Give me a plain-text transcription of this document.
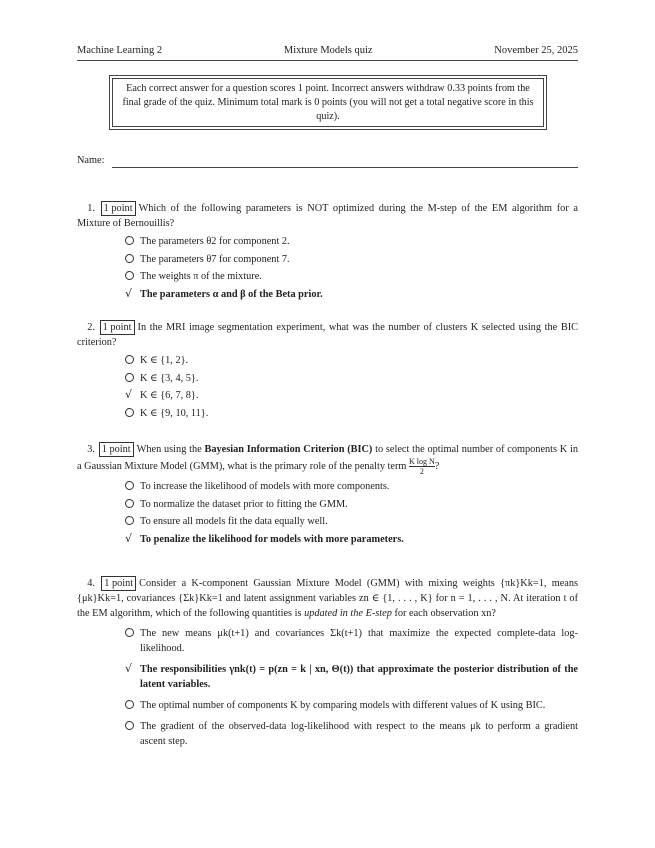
Machine Learning 2	Mixture Models quiz	November 25, 2025
Each correct answer for a question scores 1 point. Incorrect answers withdraw 0.33 points from the final grade of the quiz. Minimum total mark is 0 points (you will not get a total negative score in this quiz).
Name:
1. 1 point Which of the following parameters is NOT optimized during the M-step of the EM algorithm for a Mixture of Bernouillis?
The parameters θ2 for component 2.
The parameters θ7 for component 7.
The weights π of the mixture.
√ The parameters α and β of the Beta prior.
2. 1 point In the MRI image segmentation experiment, what was the number of clusters K selected using the BIC criterion?
K ∈ {1, 2}.
K ∈ {3, 4, 5}.
√ K ∈ {6, 7, 8}.
K ∈ {9, 10, 11}.
3. 1 point When using the Bayesian Information Criterion (BIC) to select the optimal number of components K in a Gaussian Mixture Model (GMM), what is the primary role of the penalty term $\frac{\text{K log N}}{2}$ ?
To increase the likelihood of models with more components.
To normalize the dataset prior to fitting the GMM.
To ensure all models fit the data equally well.
√ To penalize the likelihood for models with more parameters.
4. 1 point Consider a K-component Gaussian Mixture Model (GMM) with mixing weights {πk}Kk=1, means {μk}Kk=1, covariances {Σk}Kk=1 and latent assignment variables zn ∈ {1, . . . , K} for n = 1, . . . , N. At iteration t of the EM algorithm, which of the following quantities is updated in the E-step for each observation xn?
The new means μk(t+1) and covariances Σk(t+1) that maximize the expected complete-data log-likelihood.
√ The responsibilities γnk(t) = p(zn = k | xn, Θ(t)) that approximate the posterior distribution of the latent variables.
The optimal number of components K by comparing models with different values of K using BIC.
The gradient of the observed-data log-likelihood with respect to the means μk to perform a gradient ascent step.
